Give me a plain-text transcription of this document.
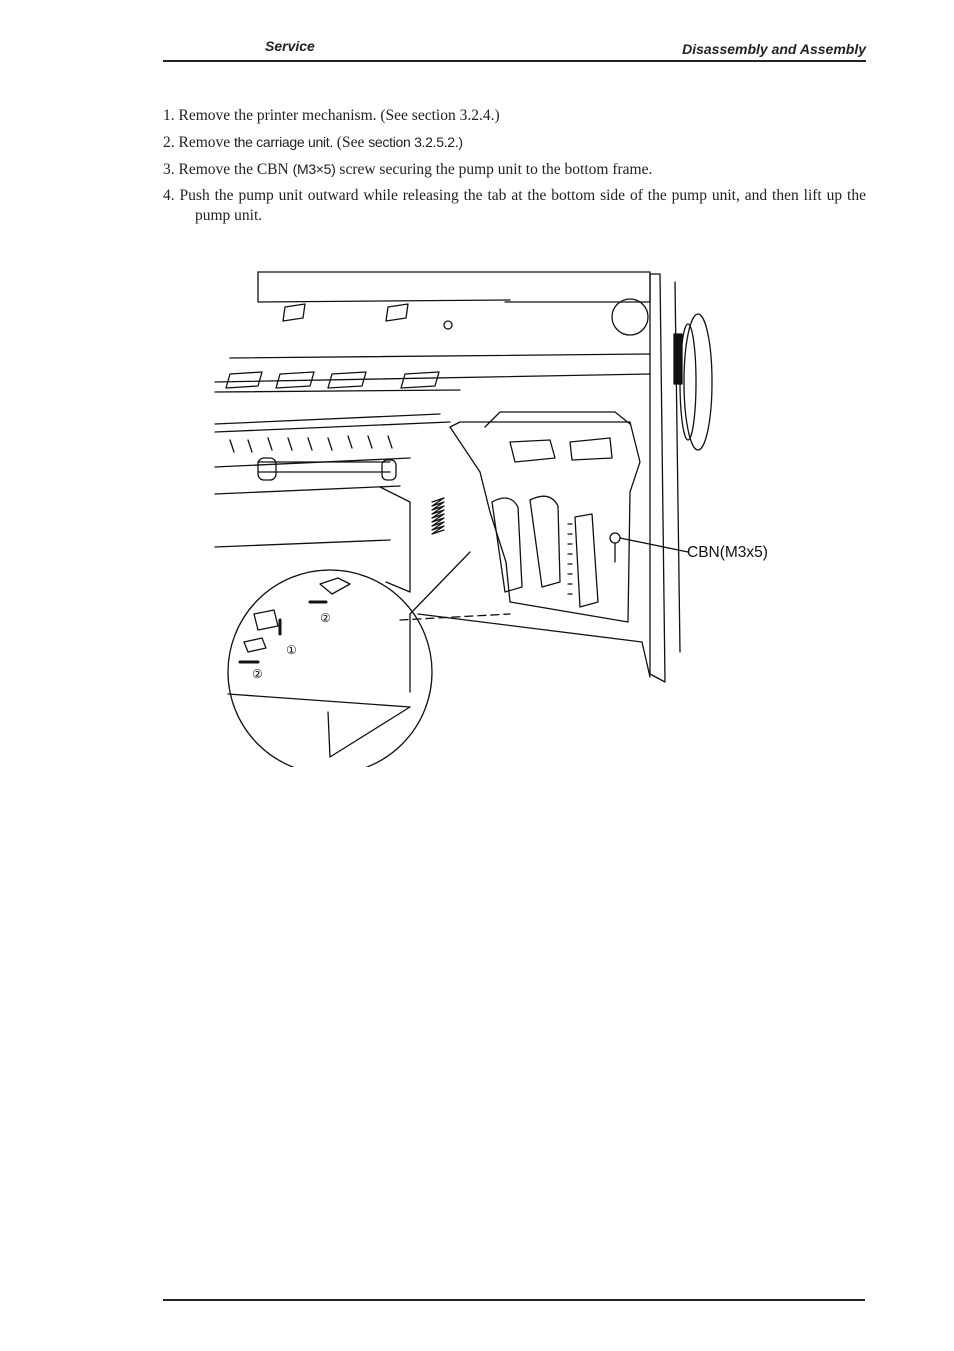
Service	Disassembly and Assembly
1. Remove the printer mechanism. (See section 3.2.4.)
2. Remove the carriage unit. (See section 3.2.5.2.)
3. Remove the CBN (M3×5) screw securing the pump unit to the bottom frame.
4. Push the pump unit outward while releasing the tab at the bottom side of the pump unit, and then lift up the pump unit.
②
①
②
CBN(M3x5)
